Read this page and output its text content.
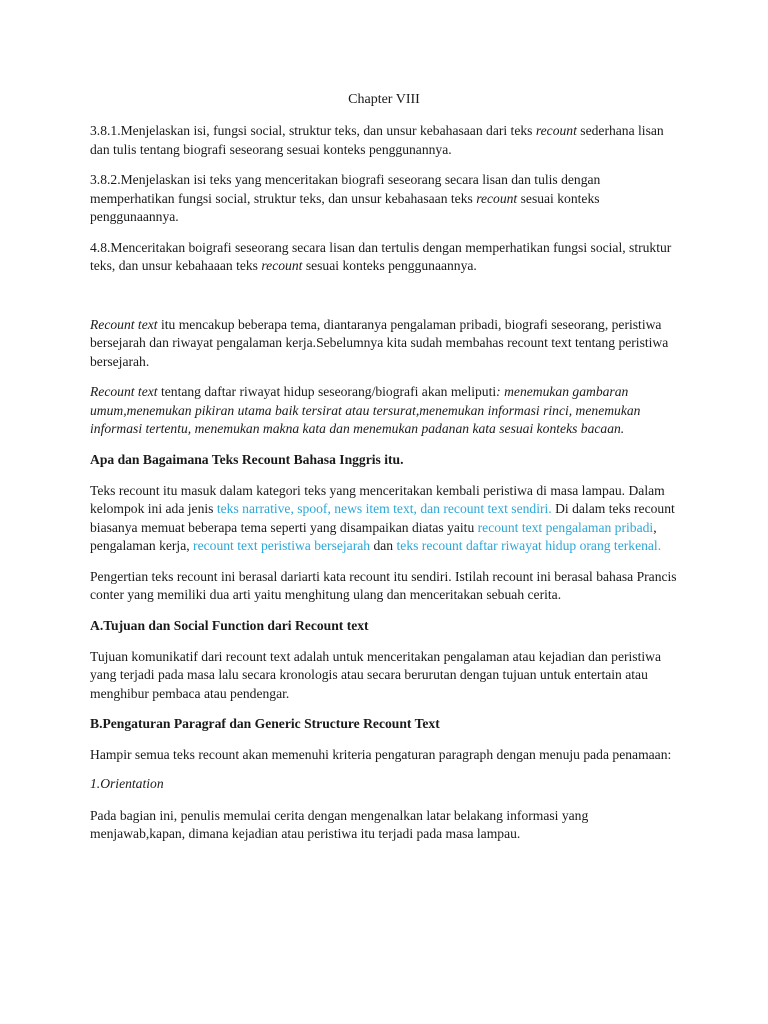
Chapter VIII

3.8.1.Menjelaskan isi, fungsi social, struktur teks, dan unsur kebahasaan dari teks recount sederhana lisan dan tulis tentang biografi seseorang sesuai konteks penggunannya.

3.8.2.Menjelaskan isi teks yang menceritakan biografi seseorang secara lisan dan tulis dengan memperhatikan fungsi social, struktur teks, dan unsur kebahasaan teks recount sesuai konteks penggunaannya.

4.8.Menceritakan boigrafi seseorang secara lisan dan tertulis dengan memperhatikan fungsi social, struktur teks, dan unsur kebahaaan teks recount sesuai konteks penggunaannya.

Recount text itu mencakup beberapa tema, diantaranya pengalaman pribadi, biografi seseorang, peristiwa bersejarah dan riwayat pengalaman kerja.Sebelumnya kita sudah membahas recount text tentang peristiwa bersejarah.

Recount text tentang daftar riwayat hidup seseorang/biografi akan meliputi: menemukan gambaran umum,menemukan pikiran utama baik tersirat atau tersurat,menemukan informasi rinci, menemukan informasi tertentu, menemukan makna kata dan menemukan padanan kata sesuai konteks bacaan.

Apa dan Bagaimana Teks Recount Bahasa Inggris itu.

Teks recount itu masuk dalam kategori teks yang menceritakan kembali peristiwa di masa lampau. Dalam kelompok ini ada jenis teks narrative, spoof, news item text, dan recount text sendiri. Di dalam teks recount biasanya memuat beberapa tema seperti yang disampaikan diatas yaitu recount text pengalaman pribadi, pengalaman kerja, recount text peristiwa bersejarah dan teks recount daftar riwayat hidup orang terkenal.

Pengertian teks recount ini berasal dariarti kata recount itu sendiri. Istilah recount ini berasal bahasa Prancis conter yang memiliki dua arti yaitu menghitung ulang dan menceritakan sebuah cerita.

A.Tujuan dan Social Function dari Recount text

Tujuan komunikatif dari recount text adalah untuk menceritakan pengalaman atau kejadian dan peristiwa yang terjadi pada masa lalu secara kronologis atau secara berurutan dengan tujuan untuk entertain atau menghibur pembaca atau pendengar.

B.Pengaturan Paragraf dan Generic Structure Recount Text

Hampir semua teks recount akan memenuhi kriteria pengaturan paragraph dengan menuju pada penamaan:

1.Orientation

Pada bagian ini, penulis memulai cerita dengan mengenalkan latar belakang informasi yang menjawab,kapan, dimana kejadian atau peristiwa itu terjadi pada masa lampau.
